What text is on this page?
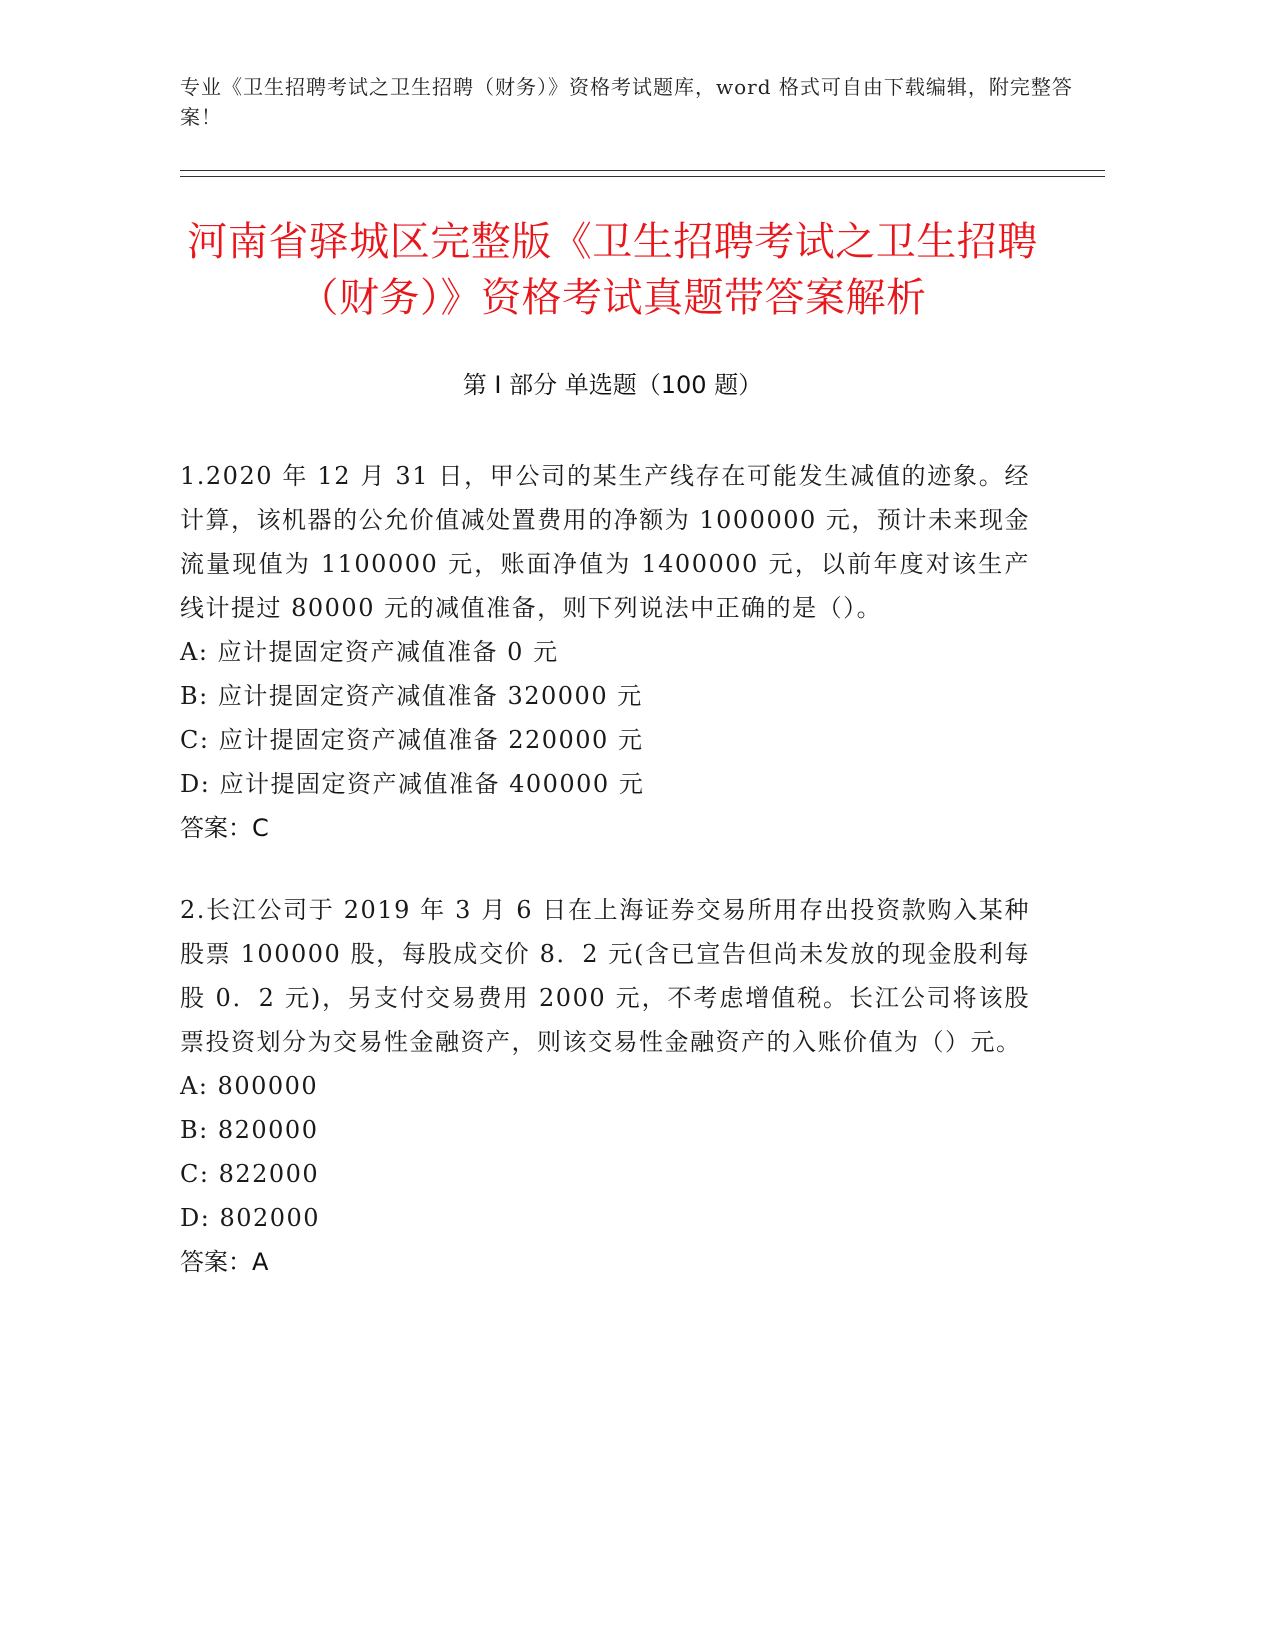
专业《卫生招聘考试之卫生招聘（财务）》资格考试题库，word 格式可自由下载编辑，附完整答案！
河南省驿城区完整版《卫生招聘考试之卫生招聘（财务）》资格考试真题带答案解析
第 I 部分 单选题（100 题）

1.2020 年 12 月 31 日，甲公司的某生产线存在可能发生减值的迹象。经计算，该机器的公允价值减处置费用的净额为 1000000 元，预计未来现金流量现值为 1100000 元，账面净值为 1400000 元，以前年度对该生产线计提过 80000 元的减值准备，则下列说法中正确的是（）。

A: 应计提固定资产减值准备 0 元

B: 应计提固定资产减值准备 320000 元

C: 应计提固定资产减值准备 220000 元

D: 应计提固定资产减值准备 400000 元

答案：C

2.长江公司于 2019 年 3 月 6 日在上海证券交易所用存出投资款购入某种股票 100000 股，每股成交价 8．2 元(含已宣告但尚未发放的现金股利每股 0．2 元)，另支付交易费用 2000 元，不考虑增值税。长江公司将该股票投资划分为交易性金融资产，则该交易性金融资产的入账价值为（）元。

A: 800000

B: 820000

C: 822000

D: 802000

答案：A
